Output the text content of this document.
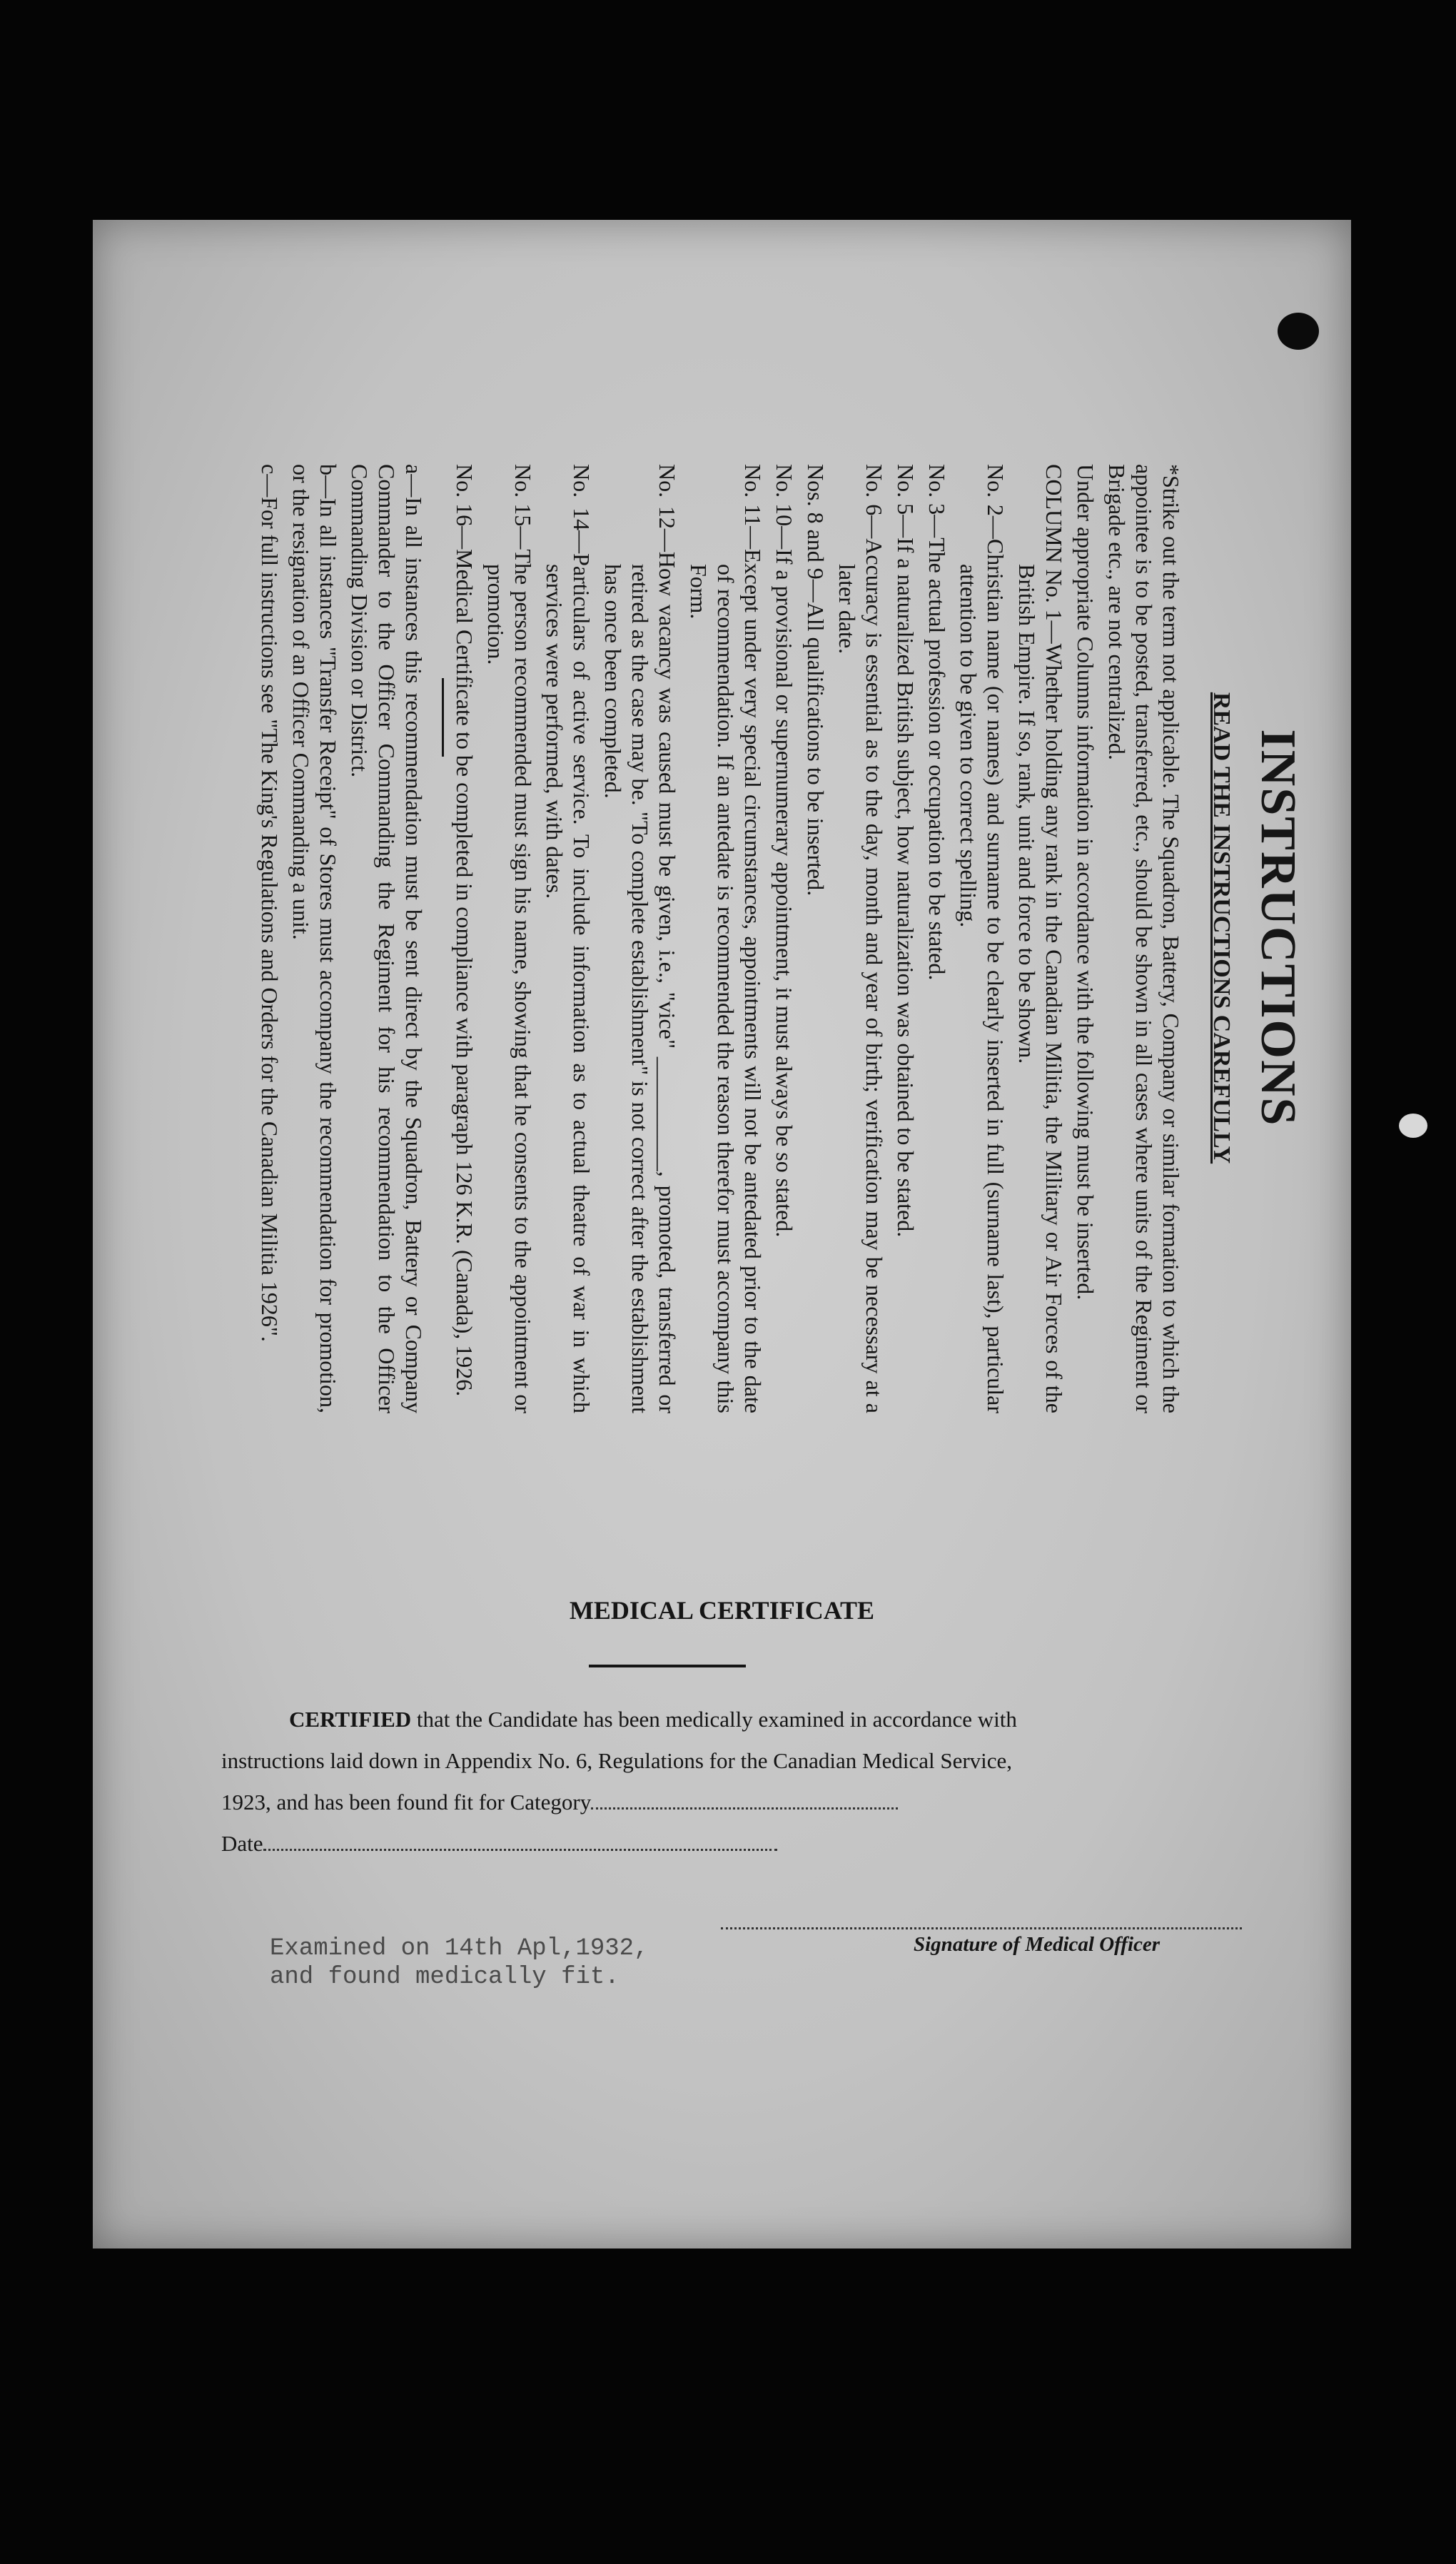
INSTRUCTIONS
READ THE INSTRUCTIONS CAREFULLY

*Strike out the term not applicable. The Squadron, Battery, Company or similar formation to which the appointee is to be posted, transferred, etc., should be shown in all cases where units of the Regiment or Brigade etc., are not centralized.

Under appropriate Columns information in accordance with the following must be inserted.

COLUMN No. 1—Whether holding any rank in the Canadian Militia, the Military or Air Forces of the British Empire. If so, rank, unit and force to be shown.

No. 2—Christian name (or names) and surname to be clearly inserted in full (surname last), particular attention to be given to correct spelling.

No. 3—The actual profession or occupation to be stated.

No. 5—If a naturalized British subject, how naturalization was obtained to be stated.

No. 6—Accuracy is essential as to the day, month and year of birth; verification may be necessary at a later date.

Nos. 8 and 9—All qualifications to be inserted.

No. 10—If a provisional or supernumerary appointment, it must always be so stated.

No. 11—Except under very special circumstances, appointments will not be antedated prior to the date of recommendation. If an antedate is recommended the reason therefor must accompany this Form.

No. 12—How vacancy was caused must be given, i.e., "vice" __________, promoted, transferred or retired as the case may be. "To complete establishment" is not correct after the establishment has once been completed.

No. 14—Particulars of active service. To include information as to actual theatre of war in which services were performed, with dates.

No. 15—The person recommended must sign his name, showing that he consents to the appointment or promotion.

No. 16—Medical Certificate to be completed in compliance with paragraph 126 K.R. (Canada), 1926.

a—In all instances this recommendation must be sent direct by the Squadron, Battery or Company Commander to the Officer Commanding the Regiment for his recommendation to the Officer Commanding Division or District.

b—In all instances "Transfer Receipt" of Stores must accompany the recommendation for promotion, or the resignation of an Officer Commanding a unit.

c—For full instructions see "The King's Regulations and Orders for the Canadian Militia 1926".

MEDICAL CERTIFICATE
CERTIFIED that the Candidate has been medically examined in accordance with
instructions laid down in Appendix No. 6, Regulations for the Canadian Medical Service,
1923, and has been found fit for Category
Date
Signature of Medical Officer
Examined on 14th Apl,1932,
and found medically fit.
